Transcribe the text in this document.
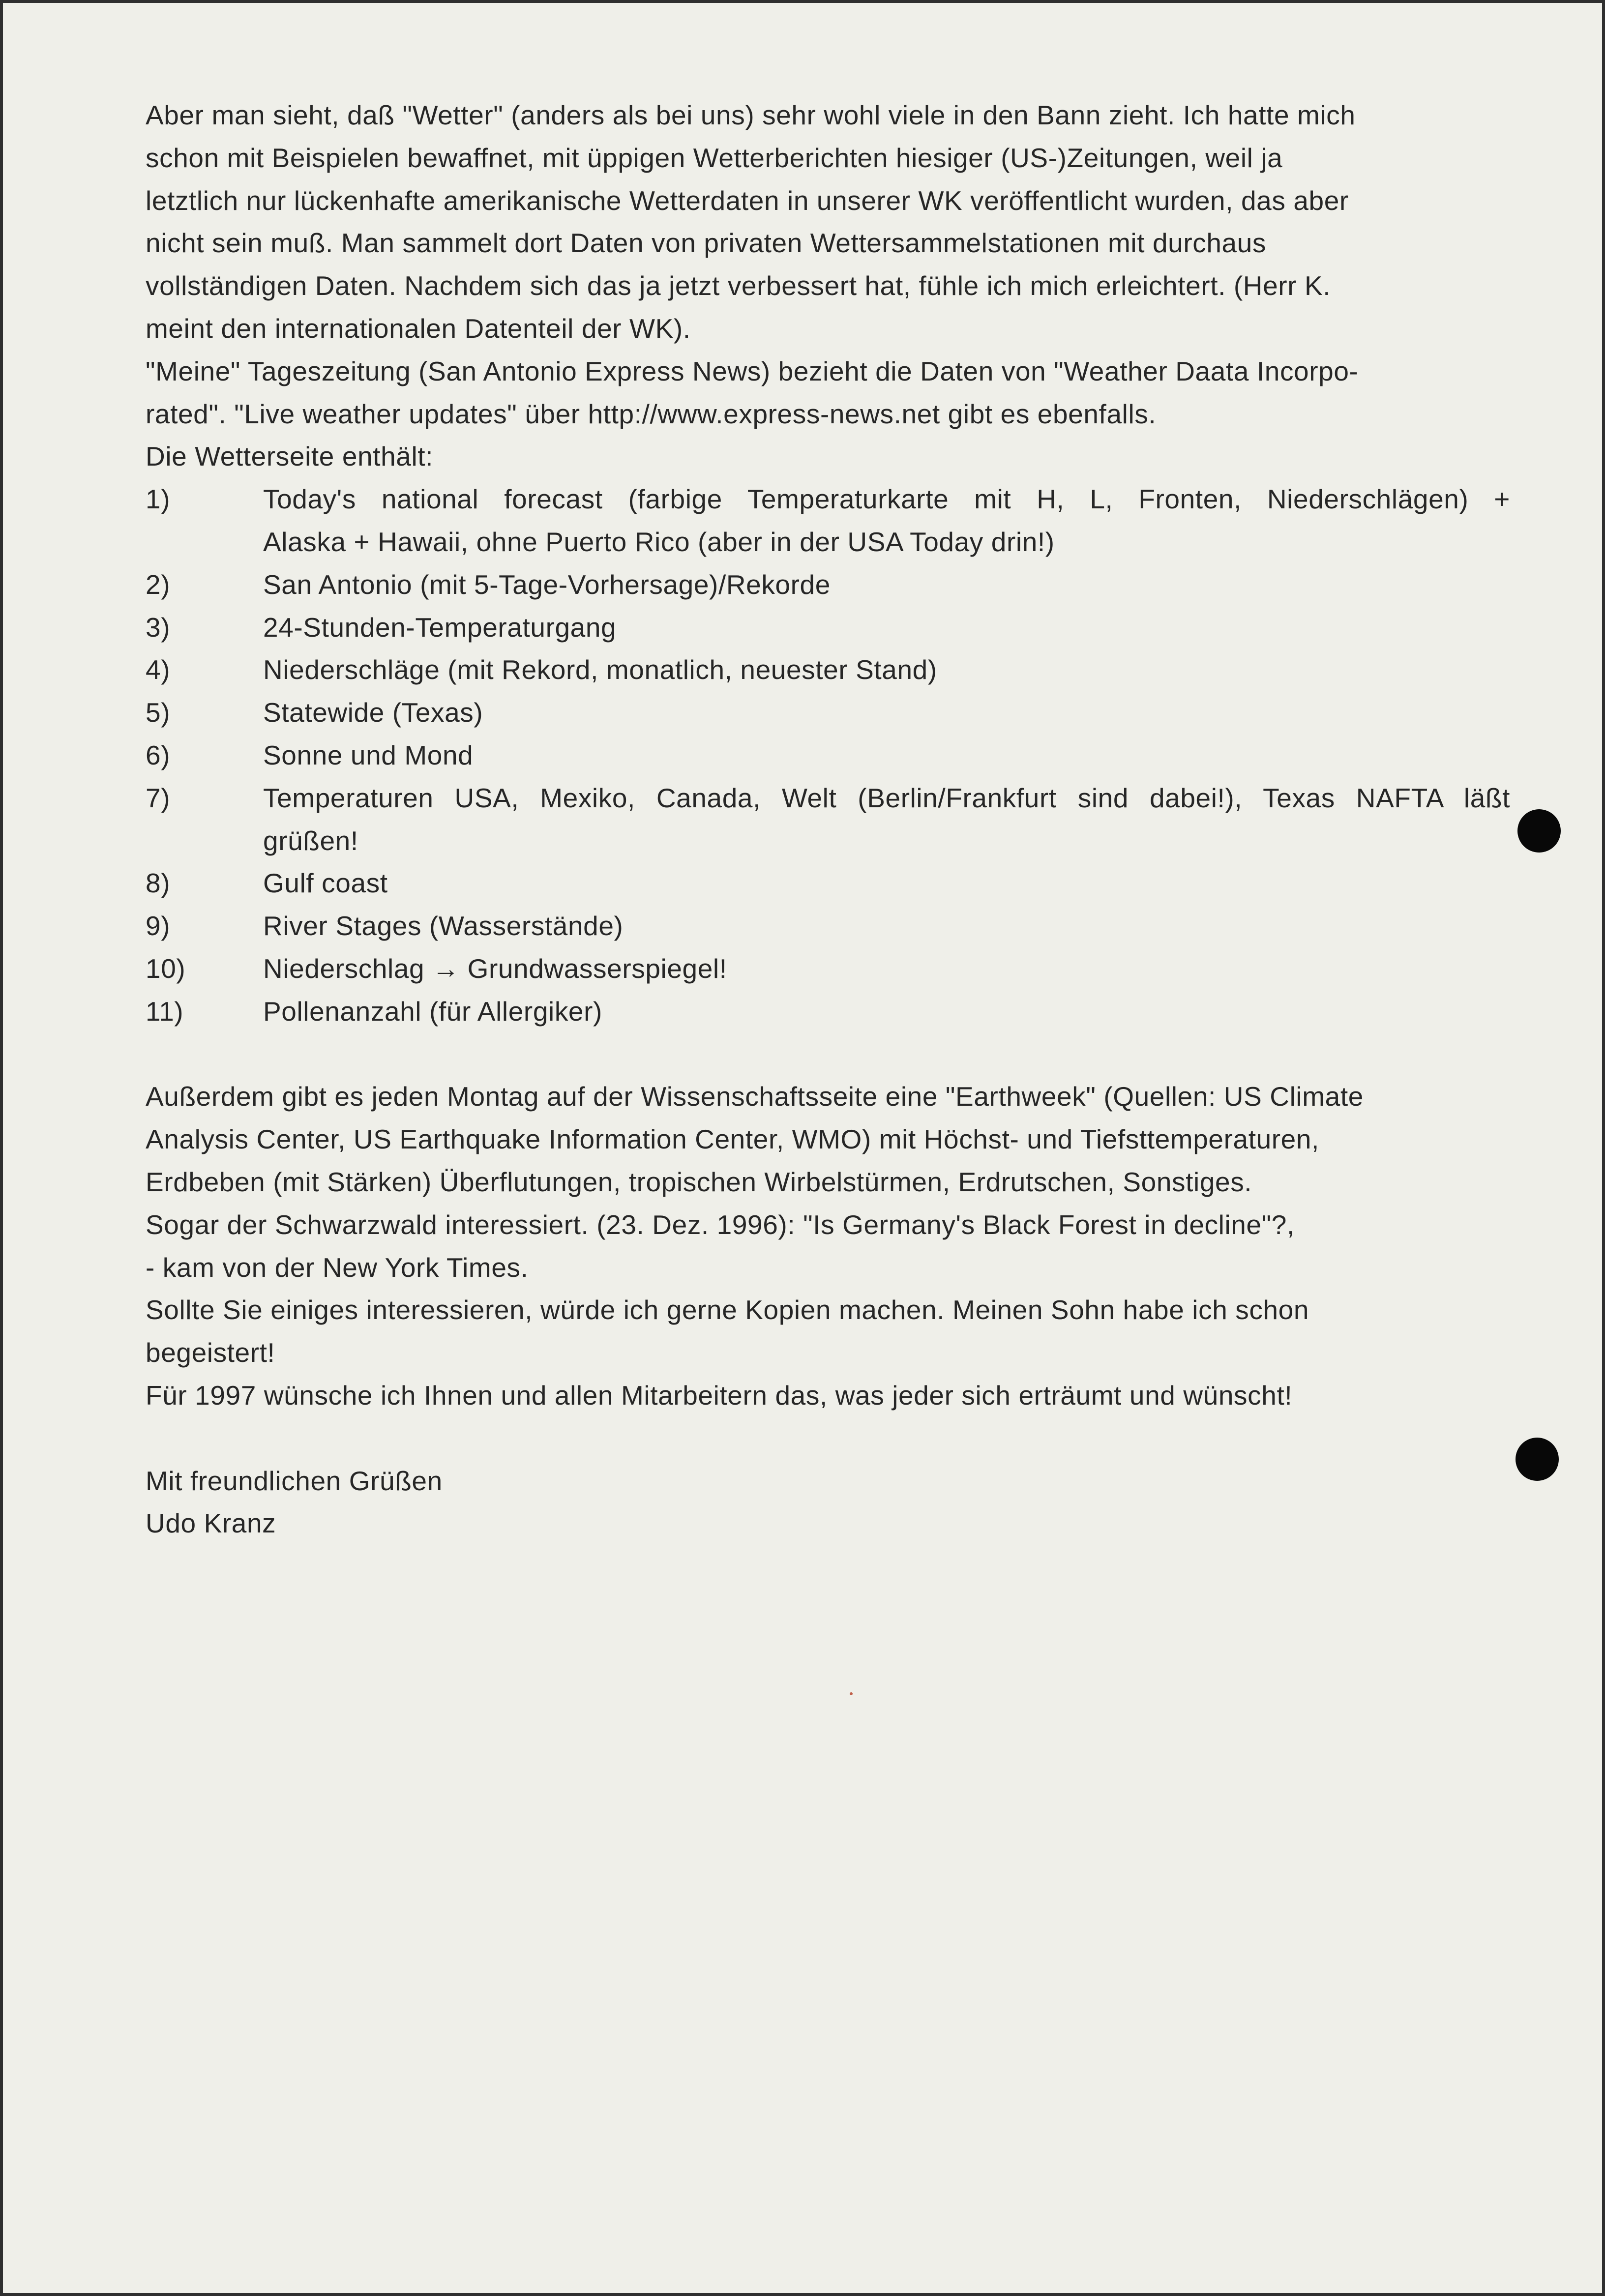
Aber man sieht, daß "Wetter" (anders als bei uns) sehr wohl viele in den Bann zieht. Ich hatte mich

schon mit Beispielen bewaffnet, mit üppigen Wetterberichten hiesiger (US-)Zeitungen, weil ja

letztlich nur lückenhafte amerikanische Wetterdaten in unserer WK veröffentlicht wurden, das aber

nicht sein muß. Man sammelt dort Daten von privaten Wettersammelstationen mit durchaus

vollständigen Daten. Nachdem sich das ja jetzt verbessert hat, fühle ich mich erleichtert. (Herr K.

meint den internationalen Datenteil der WK).

"Meine" Tageszeitung (San Antonio Express News) bezieht die Daten von "Weather Daata Incorpo-

rated". "Live weather updates" über http://www.express-news.net gibt es ebenfalls.

Die Wetterseite enthält:

1)	Today's national forecast (farbige Temperaturkarte mit H, L, Fronten, Niederschlägen) +
Alaska + Hawaii, ohne Puerto Rico (aber in der USA Today drin!)
2)	San Antonio (mit 5-Tage-Vorhersage)/Rekorde
3)	24-Stunden-Temperaturgang
4)	Niederschläge (mit Rekord, monatlich, neuester Stand)
5)	Statewide (Texas)
6)	Sonne und Mond
7)	Temperaturen USA, Mexiko, Canada, Welt (Berlin/Frankfurt sind dabei!), Texas NAFTA läßt
grüßen!
8)	Gulf coast
9)	River Stages (Wasserstände)
10)	Niederschlag → Grundwasserspiegel!
11)	Pollenanzahl (für Allergiker)

Außerdem gibt es jeden Montag auf der Wissenschaftsseite eine "Earthweek" (Quellen: US Climate

Analysis Center, US Earthquake Information Center, WMO) mit Höchst- und Tiefsttemperaturen,

Erdbeben (mit Stärken) Überflutungen, tropischen Wirbelstürmen, Erdrutschen, Sonstiges.

Sogar der Schwarzwald interessiert. (23. Dez. 1996): "Is Germany's Black Forest in decline"?,

- kam von der New York Times.

Sollte Sie einiges interessieren, würde ich gerne Kopien machen. Meinen Sohn habe ich schon

begeistert!

Für 1997 wünsche ich Ihnen und allen Mitarbeitern das, was jeder sich erträumt und wünscht!

Mit freundlichen Grüßen

Udo Kranz
